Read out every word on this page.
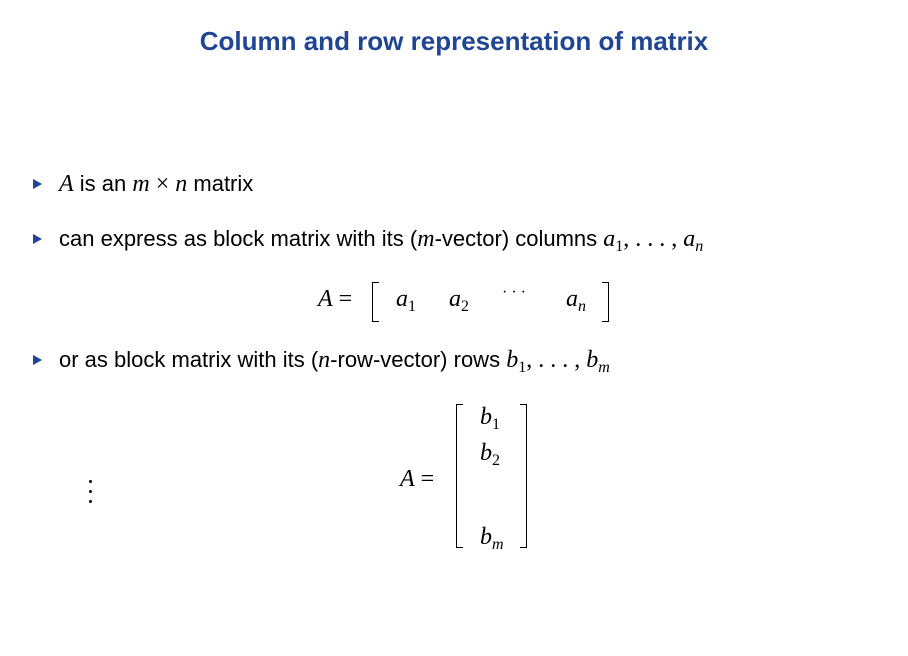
Column and row representation of matrix
A is an m × n matrix
can express as block matrix with its (m-vector) columns $a_1$, . . . , $a_n$
$A = a_1$ $a_2$
· · · $a_n$
or as block matrix with its (n-row-vector) rows $b_1$, . . . , $b_m$
A =
$b_1$
$b_2$
$b_m$
